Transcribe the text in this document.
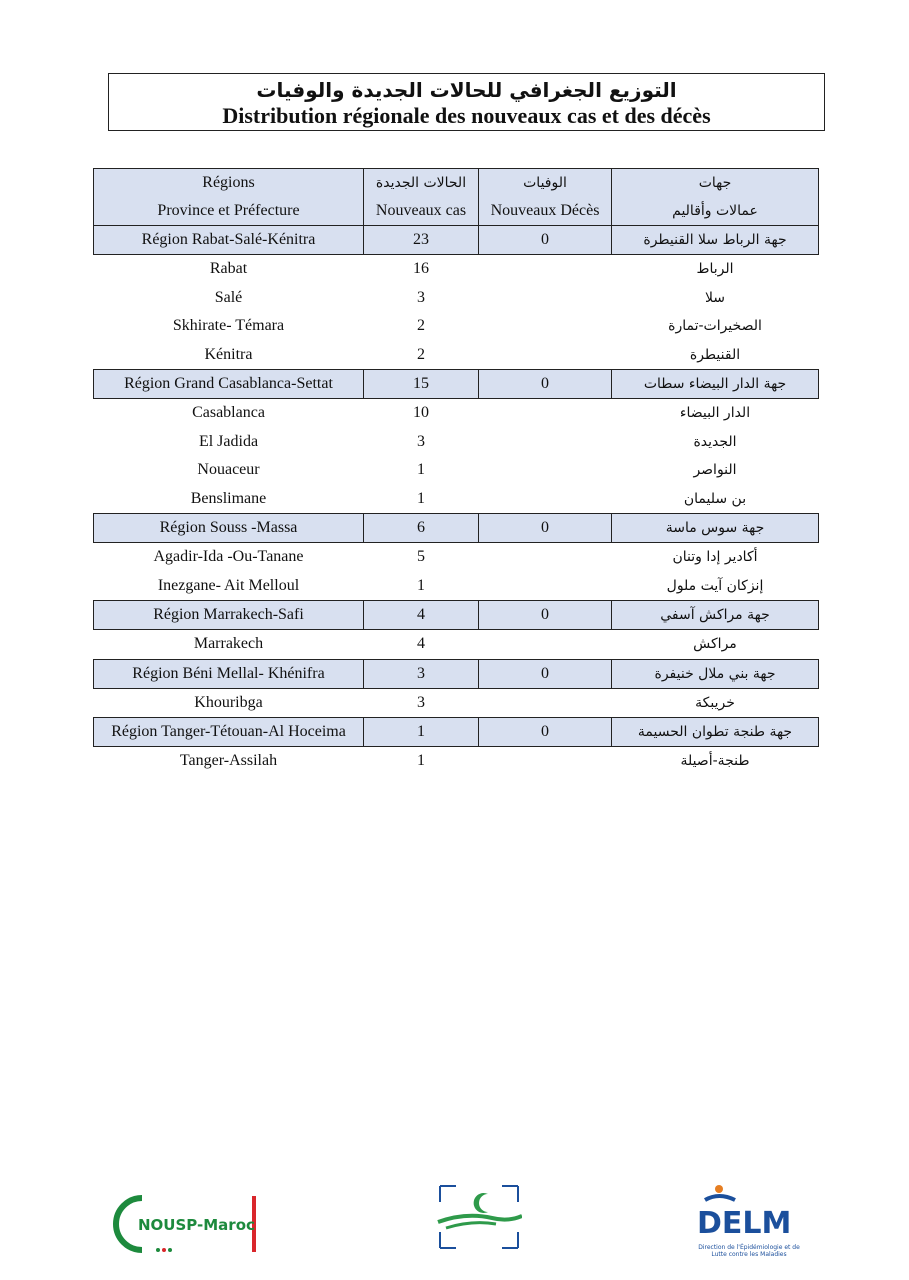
التوزيع الجغرافي للحالات الجديدة والوفيات
Distribution régionale des nouveaux cas et des décès
Régions	الحالات الجديدة	الوفيات	جهات
Province et Préfecture	Nouveaux cas	Nouveaux Décès	عمالات وأقاليم
Région Rabat-Salé-Kénitra	23	0	جهة الرباط سلا القنيطرة
Rabat	16		الرباط
Salé	3		سلا
Skhirate- Témara	2		الصخيرات-تمارة
Kénitra	2		القنيطرة
Région Grand Casablanca-Settat	15	0	جهة الدار البيضاء سطات
Casablanca	10		الدار البيضاء
El Jadida	3		الجديدة
Nouaceur	1		النواصر
Benslimane	1		بن سليمان
Région Souss -Massa	6	0	جهة سوس ماسة
Agadir-Ida -Ou-Tanane	5		أكادير إدا وتنان
Inezgane- Ait Melloul	1		إنزكان آيت ملول
Région Marrakech-Safi	4	0	جهة مراكش آسفي
Marrakech	4		مراكش
Région Béni Mellal- Khénifra	3	0	جهة بني ملال خنيفرة
Khouribga	3		خريبكة
Région Tanger-Tétouan-Al Hoceima	1	0	جهة طنجة تطوان الحسيمة
Tanger-Assilah	1		طنجة-أصيلة
NOUSP-Maroc	DELM
Direction de l'Épidémiologie et de Lutte contre les Maladies
